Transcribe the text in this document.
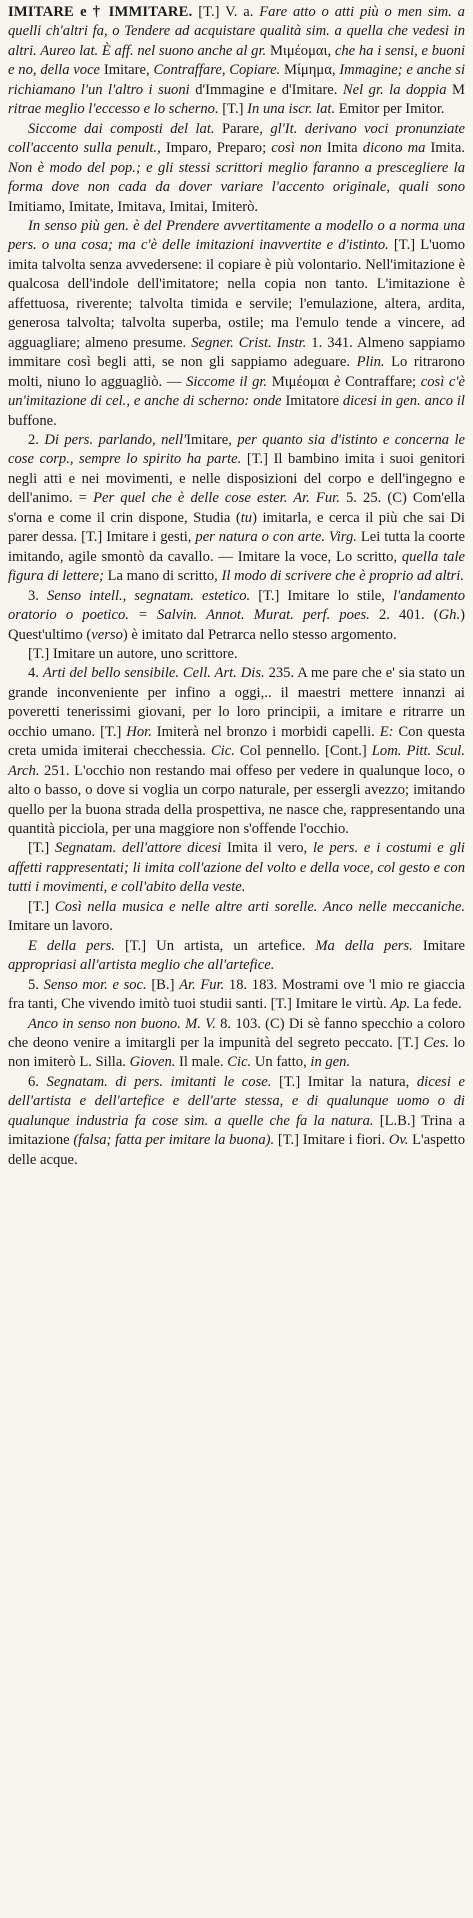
IMITARE e † IMMITARE. [T.] V. a. Fare atto o atti più o men sim. a quelli ch'altri fa, o Tendere ad acquistare qualità sim. a quella che vedesi in altri. Aureo lat. È aff. nel suono anche al gr. Μιμέομαι, che ha i sensi, e buoni e no, della voce Imitare, Contraffare, Copiare. Μίμημα, Immagine; e anche si richiamano l'un l'altro i suoni d'Immagine e d'Imitare. Nel gr. la doppia M ritrae meglio l'eccesso e lo scherno. [T.] In una iscr. lat. Emitor per Imitor.

Siccome dai composti del lat. Parare, gl'It. derivano voci pronunziate coll'accento sulla penult., Imparo, Preparo; così non Imita dicono ma Imita. Non è modo del pop.; e gli stessi scrittori meglio faranno a prescegliere la forma dove non cada da dover variare l'accento originale, quali sono Imitiamo, Imitate, Imitava, Imitai, Imiterò.

In senso più gen. è del Prendere avvertitamente a modello o a norma una pers. o una cosa; ma c'è delle imitazioni inavvertite e d'istinto. [T.] L'uomo imita talvolta senza avvedersene: il copiare è più volontario. Nell'imitazione è qualcosa dell'indole dell'imitatore; nella copia non tanto. L'imitazione è affettuosa, riverente; talvolta timida e servile; l'emulazione, altera, ardita, generosa talvolta; talvolta superba, ostile; ma l'emulo tende a vincere, ad agguagliare; almeno presume. Segner. Crist. Instr. 1. 341. Almeno sappiamo immitare così begli atti, se non gli sappiamo adeguare. Plin. Lo ritrarono molti, niuno lo agguagliò. — Siccome il gr. Μιμέομαι è Contraffare; così c'è un'imitazione di cel., e anche di scherno: onde Imitatore dicesi in gen. anco il buffone.

2. Di pers. parlando, nell'Imitare, per quanto sia d'istinto e concerna le cose corp., sempre lo spirito ha parte. [T.] Il bambino imita i suoi genitori negli atti e nei movimenti, e nelle disposizioni del corpo e dell'ingegno e dell'animo. = Per quel che è delle cose ester. Ar. Fur. 5. 25. (C) Com'ella s'orna e come il crin dispone, Studia (tu) imitarla, e cerca il più che sai Di parer dessa. [T.] Imitare i gesti, per natura o con arte. Virg. Lei tutta la coorte imitando, agile smontò da cavallo. — Imitare la voce, Lo scritto, quella tale figura di lettere; La mano di scritto, Il modo di scrivere che è proprio ad altri.

3. Senso intell., segnatam. estetico. [T.] Imitare lo stile, l'andamento oratorio o poetico. = Salvin. Annot. Murat. perf. poes. 2. 401. (Gh.) Quest'ultimo (verso) è imitato dal Petrarca nello stesso argomento.

[T.] Imitare un autore, uno scrittore.

4. Arti del bello sensibile. Cell. Art. Dis. 235. A me pare che e' sia stato un grande inconveniente per infino a oggi,.. il maestri mettere innanzi ai poveretti tenerissimi giovani, per lo loro principii, a imitare e ritrarre un occhio umano. [T.] Hor. Imiterà nel bronzo i morbidi capelli. E: Con questa creta umida imiterai checchessia. Cic. Col pennello. [Cont.] Lom. Pitt. Scul. Arch. 251. L'occhio non restando mai offeso per vedere in qualunque loco, o alto o basso, o dove si voglia un corpo naturale, per essergli avezzo; imitando quello per la buona strada della prospettiva, ne nasce che, rappresentando una quantità picciola, per una maggiore non s'offende l'occhio.

[T.] Segnatam. dell'attore dicesi Imita il vero, le pers. e i costumi e gli affetti rappresentati; li imita coll'azione del volto e della voce, col gesto e con tutti i movimenti, e coll'abito della veste.

[T.] Così nella musica e nelle altre arti sorelle. Anco nelle meccaniche. Imitare un lavoro.

E della pers. [T.] Un artista, un artefice. Ma della pers. Imitare appropriasi all'artista meglio che all'artefice.

5. Senso mor. e soc. [B.] Ar. Fur. 18. 183. Mostrami ove 'l mio re giaccia fra tanti, Che vivendo imitò tuoi studii santi. [T.] Imitare le virtù. Ap. La fede.

Anco in senso non buono. M. V. 8. 103. (C) Di sè fanno specchio a coloro che deono venire a imitargli per la impunità del segreto peccato. [T.] Ces. lo non imiterò L. Silla. Gioven. Il male. Cic. Un fatto, in gen.

6. Segnatam. di pers. imitanti le cose. [T.] Imitar la natura, dicesi e dell'artista e dell'artefice e dell'arte stessa, e di qualunque uomo o di qualunque industria fa cose sim. a quelle che fa la natura. [L.B.] Trina a imitazione (falsa; fatta per imitare la buona). [T.] Imitare i fiori. Ov. L'aspetto delle acque.
